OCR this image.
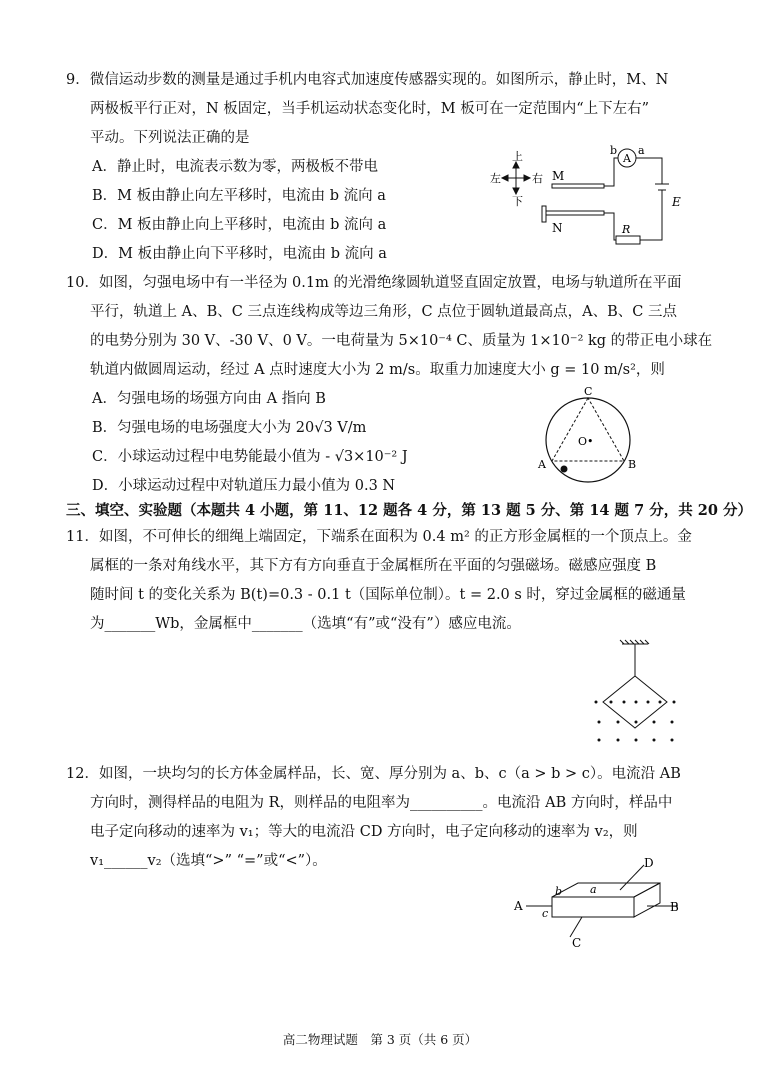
9．微信运动步数的测量是通过手机内电容式加速度传感器实现的。如图所示，静止时，M、N
两极板平行正对，N 板固定，当手机运动状态变化时，M 板可在一定范围内“上下左右”
平动。下列说法正确的是
A．静止时，电流表示数为零，两极板不带电
B．M 板由静止向左平移时，电流由 b 流向 a
C．M 板由静止向上平移时，电流由 b 流向 a
D．M 板由静止向下平移时，电流由 b 流向 a
上
下
左	右 M
N
A
b a
E
R
10．如图，匀强电场中有一半径为 0.1m 的光滑绝缘圆轨道竖直固定放置，电场与轨道所在平面
平行，轨道上 A、B、C 三点连线构成等边三角形，C 点位于圆轨道最高点，A、B、C 三点
的电势分别为 30 V、-30 V、0 V。一电荷量为 5×10⁻⁴ C、质量为 1×10⁻² kg 的带正电小球在
轨道内做圆周运动，经过 A 点时速度大小为 2 m/s。取重力加速度大小 g = 10 m/s²，则
A．匀强电场的场强方向由 A 指向 B
B．匀强电场的电场强度大小为 20√3 V/m
C．小球运动过程中电势能最小值为 - √3×10⁻² J
D．小球运动过程中对轨道压力最小值为 0.3 N
C
A	B
O•
三、填空、实验题（本题共 4 小题，第 11、12 题各 4 分，第 13 题 5 分、第 14 题 7 分，共 20 分）
11．如图，不可伸长的细绳上端固定，下端系在面积为 0.4 m² 的正方形金属框的一个顶点上。金
属框的一条对角线水平，其下方有方向垂直于金属框所在平面的匀强磁场。磁感应强度 B
随时间 t 的变化关系为 B(t)=0.3 - 0.1 t（国际单位制）。t = 2.0 s 时，穿过金属框的磁通量
为_______Wb，金属框中_______（选填“有”或“没有”）感应电流。
12．如图，一块均匀的长方体金属样品，长、宽、厚分别为 a、b、c（a > b > c）。电流沿 AB
方向时，测得样品的电阻为 R，则样品的电阻率为__________。电流沿 AB 方向时，样品中
电子定向移动的速率为 v₁；等大的电流沿 CD 方向时，电子定向移动的速率为 v₂，则
v₁______v₂（选填“>” “=”或“<”）。
A	B
C
D
a
b
c
高二物理试题　第 3 页（共 6 页）
